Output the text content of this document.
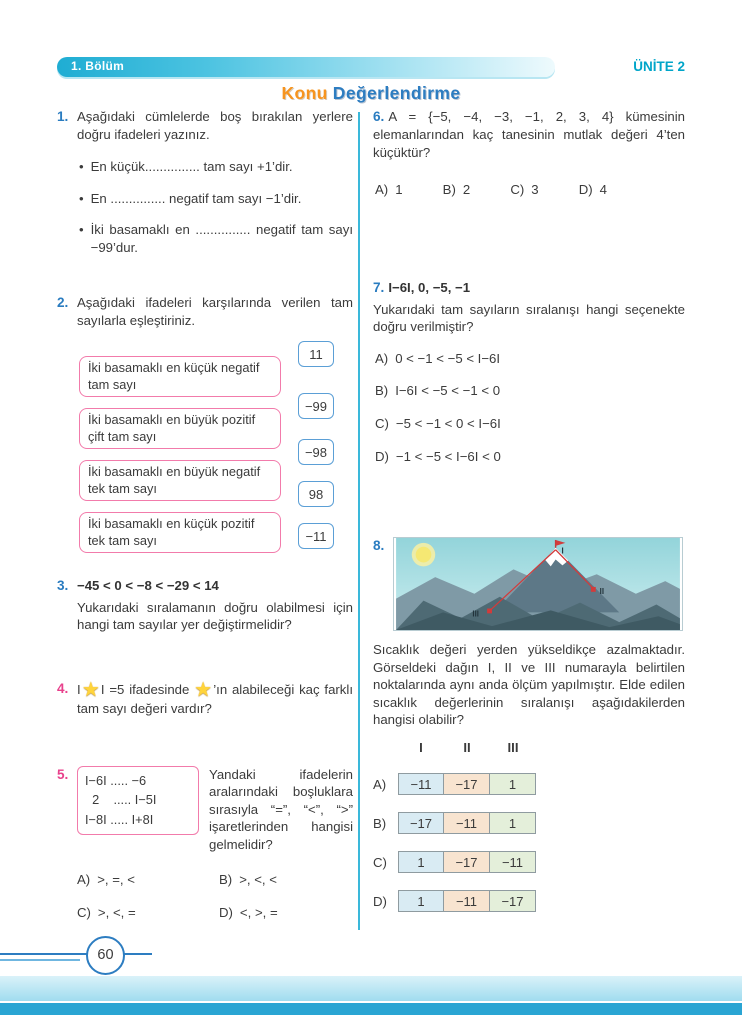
1. Bölüm	ÜNİTE 2
Konu Değerlendirme
1. Aşağıdaki cümlelerde boş bırakılan yerlere doğru ifadeleri yazınız.

• En küçük............... tam sayı +1’dir.
• En ............... negatif tam sayı −1’dir.
• İki basamaklı en ............... negatif tam sayı −99’dur.
2. Aşağıdaki ifadeleri karşılarında verilen tam sayılarla eşleştiriniz.

İki basamaklı en küçük negatif tam sayı
İki basamaklı en büyük pozitif çift tam sayı
İki basamaklı en büyük negatif tek tam sayı
İki basamaklı en küçük pozitif tek tam sayı
11
−99
−98
98
−11
3. −45 < 0 < −8 < −29 < 14

Yukarıdaki sıralamanın doğru olabilmesi için hangi tam sayılar yer değiştirmelidir?

4. I★I =5 ifadesinde ★’ın alabileceği kaç farklı tam sayı değeri vardır?

5.	I−6I ..... −6
2    ..... I−5I
I−8I ..... I+8I

Yandaki ifadelerin aralarındaki boşluklara sırasıyla “=”, “<”, “>” işaretlerinden hangisi gelmelidir?

A) >, =, <	B) >, <, <
C) >, <, =	D) <, >, =

6. A = {−5, −4, −3, −1, 2, 3, 4} kümesinin elemanlarından kaç tanesinin mutlak değeri 4’ten küçüktür?

A) 1	B) 2	C) 3	D) 4

7. I−6I, 0, −5, −1

Yukarıdaki tam sayıların sıralanışı hangi seçenekte doğru verilmiştir?

A) 0 < −1 < −5 < I−6I
B) I−6I < −5 < −1 < 0
C) −5 < −1 < 0 < I−6I
D) −1 < −5 < I−6I < 0
8.	I
II
III

Sıcaklık değeri yerden yükseldikçe azalmaktadır. Görseldeki dağın I, II ve III numarayla belirtilen noktalarında aynı anda ölçüm yapılmıştır. Elde edilen sıcaklık değerlerinin sıralanışı aşağıdakilerden hangisi olabilir?

I	II	III
A)	−11	−17	1
B)	−17	−11	1
C)	1	−17	−11
D)	1	−11	−17
60
